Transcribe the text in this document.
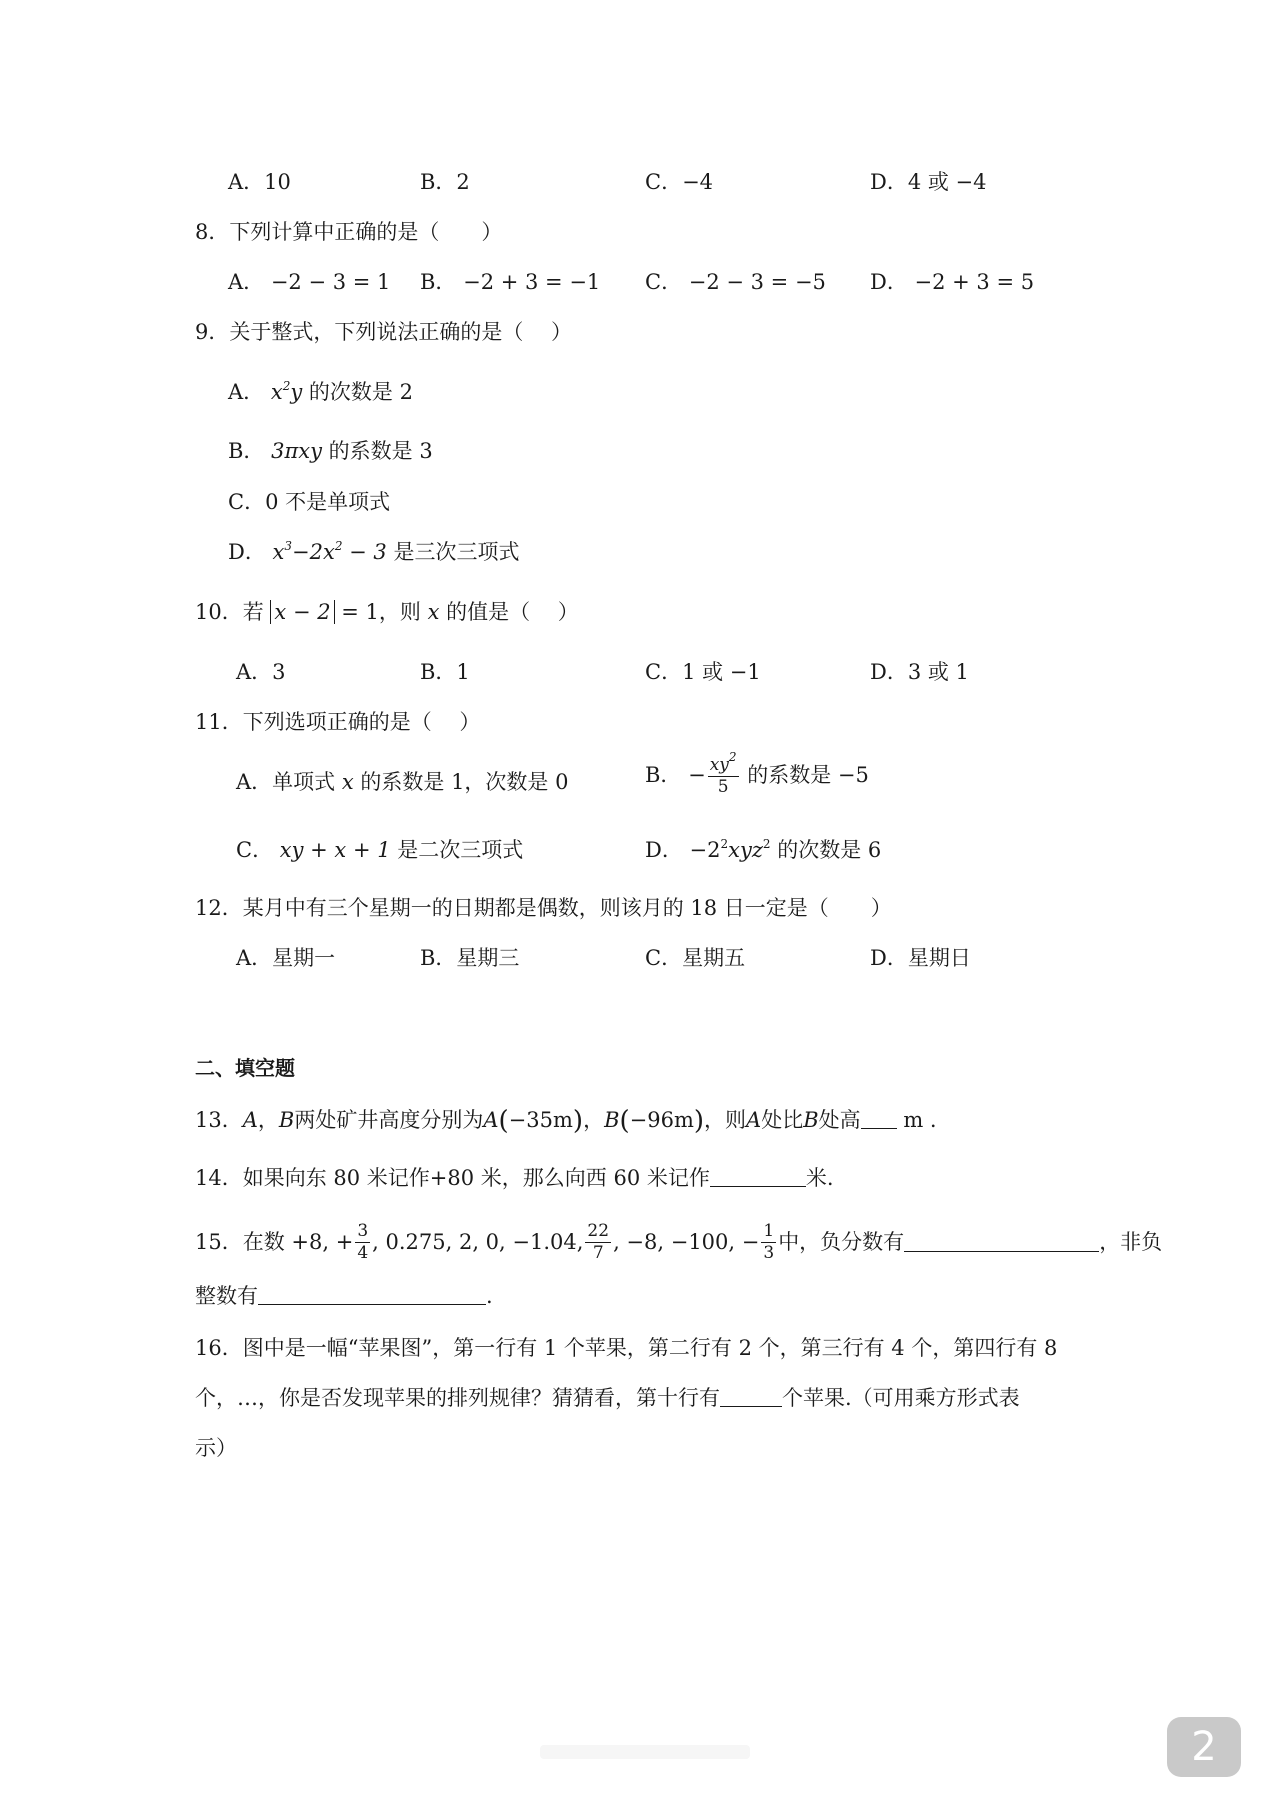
A．10	B．2	C．−4	D．4 或 −4
8．下列计算中正确的是（　　）
A． −2 − 3 = 1 B． −2 + 3 = −1 C． −2 − 3 = −5 D． −2 + 3 = 5
9．关于整式，下列说法正确的是（　 ）
A． $x^2y$ 的次数是 2
B． 3πxy 的系数是 3
C．0 不是单项式
D． $x^3-2x^2 - 3$ 是三次三项式
10．若 x − 2 = 1，则 x 的值是（　 ）
A．3	B．1	C．1 或 −1	D．3 或 1
11．下列选项正确的是（　 ）
A．单项式 x 的系数是 1，次数是 0	B． − $\frac{xy^2}{5}$ 的系数是 −5
C． xy + x + 1 是二次三项式	D． $-2^2xyz^2$ 的次数是 6
12．某月中有三个星期一的日期都是偶数，则该月的 18 日一定是（　　）
A．星期一	B．星期三	C．星期五	D．星期日
二、填空题
13．A，B两处矿井高度分别为A(−35m)，B(−96m)，则A处比B处高 m .
14．如果向东 80 米记作+80 米，那么向西 60 米记作	米.
15．在数 +8, + $\frac{3}{4}$ , 0.275, 2, 0, −1.04, $\frac{22}{7}$ , −8, −100, − $\frac{1}{3}$ 中，负分数有	，非负
整数有	.
16．图中是一幅“苹果图”，第一行有 1 个苹果，第二行有 2 个，第三行有 4 个，第四行有 8
个，…，你是否发现苹果的排列规律？猜猜看，第十行有	个苹果.（可用乘方形式表
示）
2
